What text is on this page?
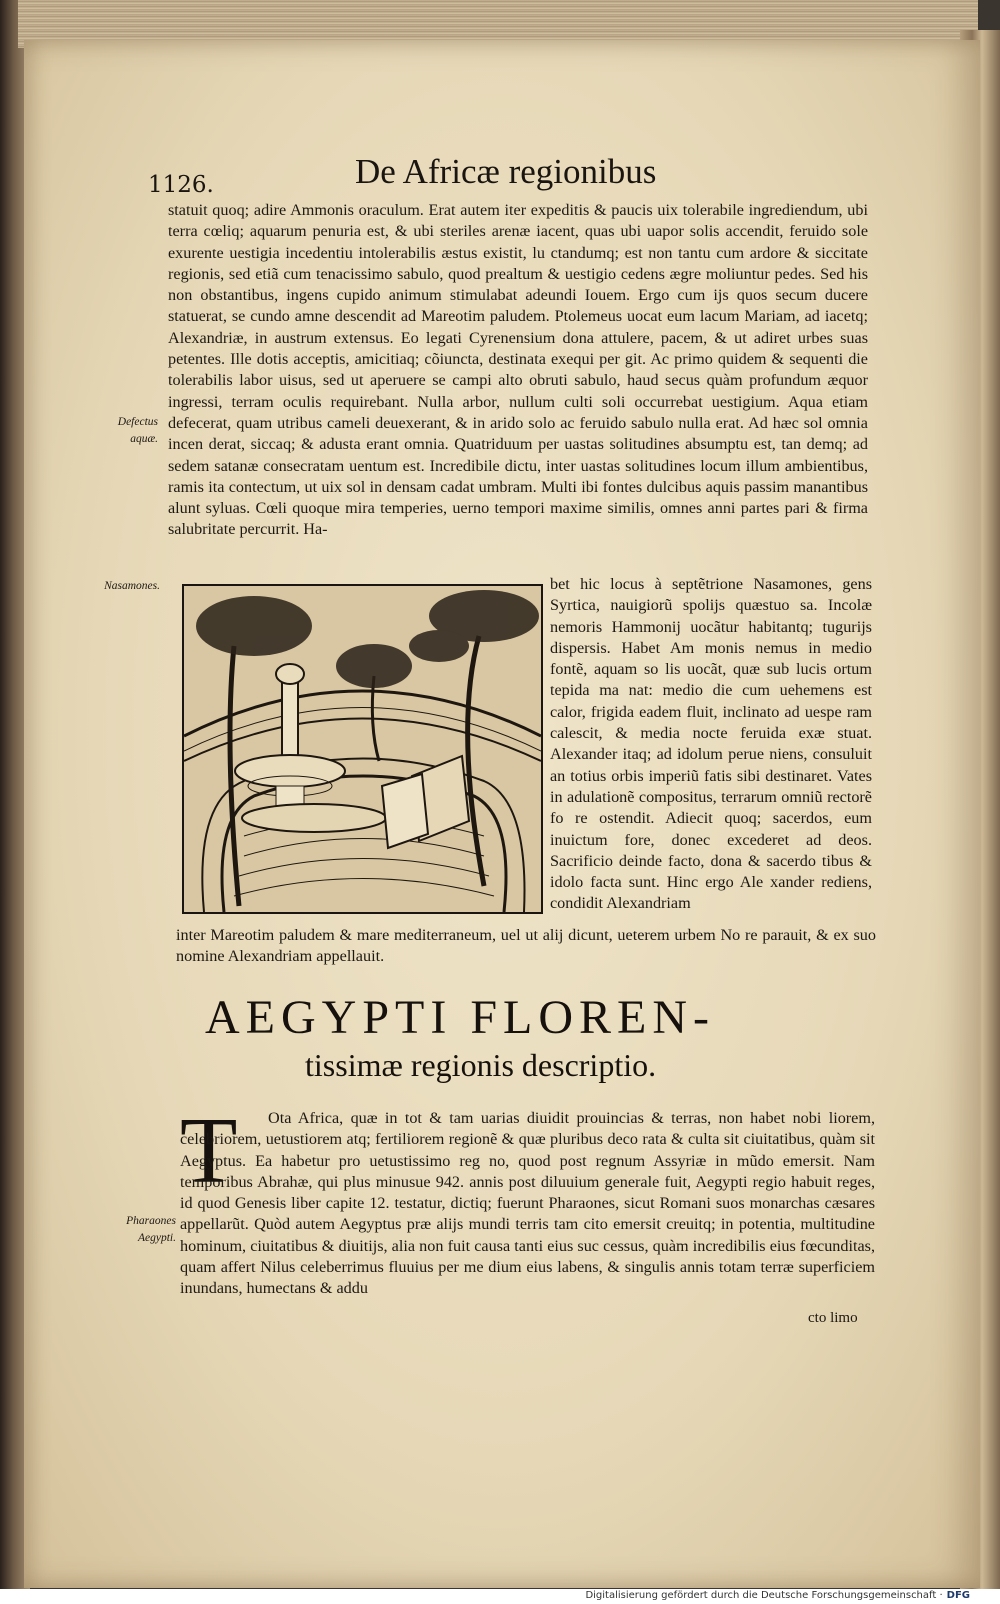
1126.	De Africæ regionibus
statuit quoq; adire Ammonis oraculum. Erat autem iter expeditis & paucis uix tolerabile ingrediendum, ubi terra cœliq; aquarum penuria est, & ubi steriles arenæ iacent, quas ubi uapor solis accendit, feruido sole exurente uestigia incedentiu intolerabilis æstus existit, lu ctandumq; est non tantu cum ardore & siccitate regionis, sed etiã cum tenacissimo sabulo, quod prealtum & uestigio cedens ægre moliuntur pedes. Sed his non obstantibus, ingens cupido animum stimulabat adeundi Iouem. Ergo cum ijs quos secum ducere statuerat, se cundo amne descendit ad Mareotim paludem. Ptolemeus uocat eum lacum Mariam, ad iacetq; Alexandriæ, in austrum extensus. Eo legati Cyrenensium dona attulere, pacem, & ut adiret urbes suas petentes. Ille dotis acceptis, amicitiaq; cõiuncta, destinata exequi per git. Ac primo quidem & sequenti die tolerabilis labor uisus, sed ut aperuere se campi alto obruti sabulo, haud secus quàm profundum æquor ingressi, terram oculis requirebant. Nulla arbor, nullum culti soli occurrebat uestigium. Aqua etiam defecerat, quam utribus cameli deuexerant, & in arido solo ac feruido sabulo nulla erat. Ad hæc sol omnia incen derat, siccaq; & adusta erant omnia. Quatriduum per uastas solitudines absumptu est, tan demq; ad sedem satanæ consecratam uentum est. Incredibile dictu, inter uastas solitudines locum illum ambientibus, ramis ita contectum, ut uix sol in densam cadat umbram. Multi ibi fontes dulcibus aquis passim manantibus alunt syluas. Cœli quoque mira temperies, uerno tempori maxime similis, omnes anni partes pari & firma salubritate percurrit. Ha-
Defectus aquæ.
Nasamones.
Pharaones Aegypti.
bet hic locus à septẽtrione Nasamones, gens Syrtica, nauigiorũ spolijs quæstuo sa. Incolæ nemoris Hammonij uocãtur habitantq; tugurijs dispersis. Habet Am monis nemus in medio fontẽ, aquam so lis uocãt, quæ sub lucis ortum tepida ma nat: medio die cum uehemens est calor, frigida eadem fluit, inclinato ad uespe ram calescit, & media nocte feruida exæ stuat. Alexander itaq; ad idolum perue niens, consuluit an totius orbis imperiũ fatis sibi destinaret. Vates in adulationẽ compositus, terrarum omniũ rectorẽ fo re ostendit. Adiecit quoq; sacerdos, eum inuictum fore, donec excederet ad deos. Sacrificio deinde facto, dona & sacerdo tibus & idolo facta sunt. Hinc ergo Ale xander rediens, condidit Alexandriam
inter Mareotim paludem & mare mediterraneum, uel ut alij dicunt, ueterem urbem No re parauit, & ex suo nomine Alexandriam appellauit.
AEGYPTI FLOREN-
tissimæ regionis descriptio.
T	Ota Africa, quæ in tot & tam uarias diuidit prouincias & terras, non habet nobi liorem, celebriorem, uetustiorem atq; fertiliorem regionẽ & quæ pluribus deco rata & culta sit ciuitatibus, quàm sit Aegyptus. Ea habetur pro uetustissimo reg no, quod post regnum Assyriæ in mũdo emersit. Nam temporibus Abrahæ, qui plus minusue 942. annis post diluuium generale fuit, Aegypti regio habuit reges, id quod Genesis liber capite 12. testatur, dictiq; fuerunt Pharaones, sicut Romani suos monarchas cæsares appellarũt. Quòd autem Aegyptus præ alijs mundi terris tam cito emersit creuitq; in potentia, multitudine hominum, ciuitatibus & diuitijs, alia non fuit causa tanti eius suc cessus, quàm incredibilis eius fœcunditas, quam affert Nilus celeberrimus fluuius per me dium eius labens, & singulis annis totam terræ superficiem inundans, humectans & addu
cto limo
Digitalisierung gefördert durch die Deutsche Forschungsgemeinschaft · DFG
